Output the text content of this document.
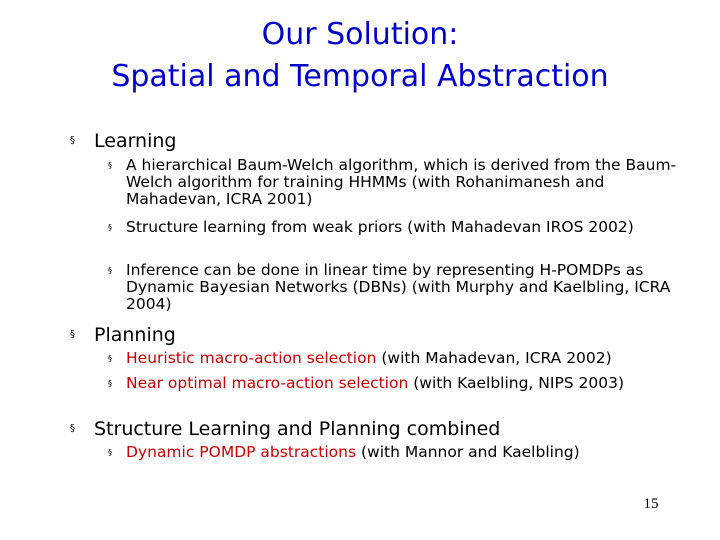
Our Solution:
Spatial and Temporal Abstraction
§ Learning
§ A hierarchical Baum-Welch algorithm, which is derived from the Baum-Welch algorithm for training HHMMs (with Rohanimanesh and Mahadevan, ICRA 2001)
§ Structure learning from weak priors (with Mahadevan IROS 2002)
§ Inference can be done in linear time by representing H-POMDPs as Dynamic Bayesian Networks (DBNs) (with Murphy and Kaelbling, ICRA 2004)
§ Planning
§ Heuristic macro-action selection (with Mahadevan, ICRA 2002)
§ Near optimal macro-action selection (with Kaelbling, NIPS 2003)
§ Structure Learning and Planning combined
§ Dynamic POMDP abstractions (with Mannor and Kaelbling)
15
